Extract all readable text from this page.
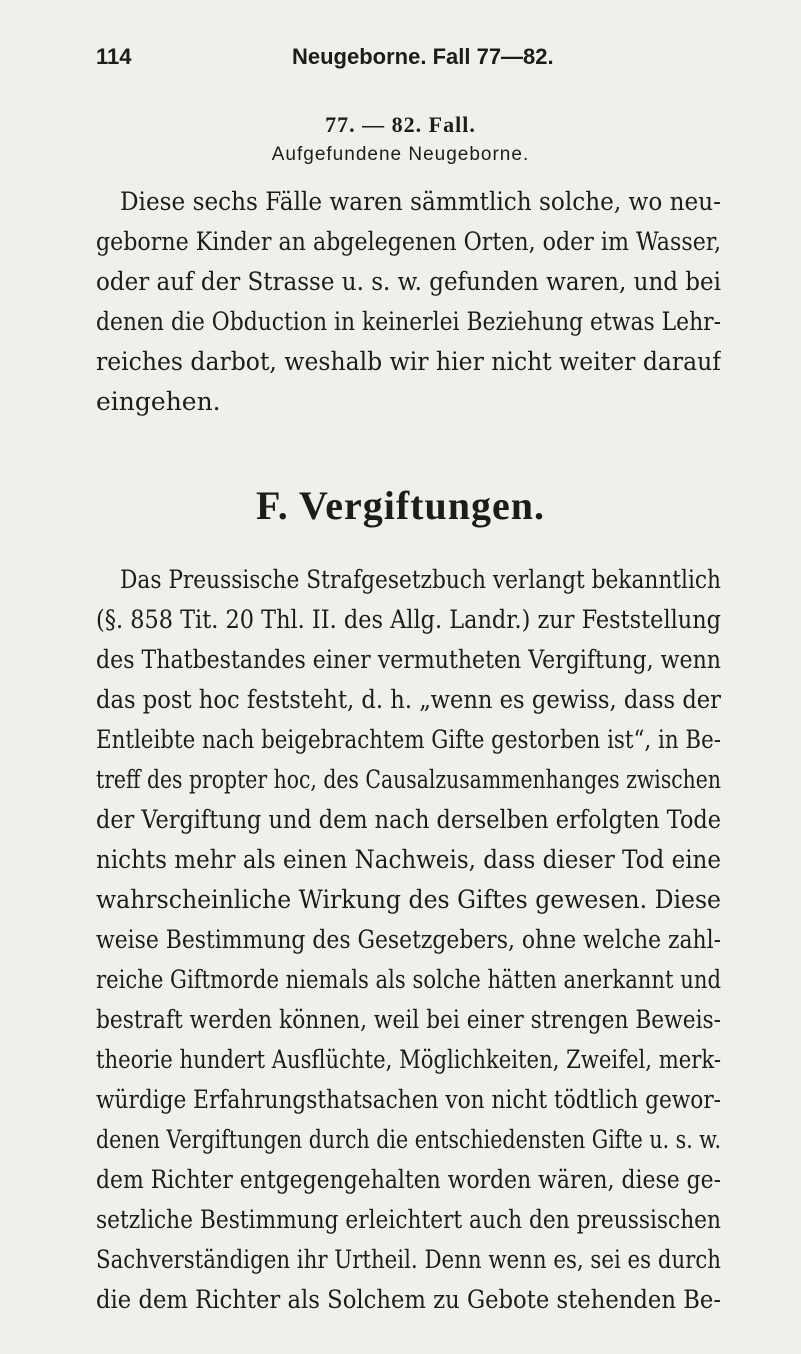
114	Neugeborne. Fall 77—82.
77. — 82. Fall.
Aufgefundene Neugeborne.
Diese sechs Fälle waren sämmtlich solche, wo neu-
geborne Kinder an abgelegenen Orten, oder im Wasser,
oder auf der Strasse u. s. w. gefunden waren, und bei
denen die Obduction in keinerlei Beziehung etwas Lehr-
reiches darbot, weshalb wir hier nicht weiter darauf
eingehen.
F. Vergiftungen.
Das Preussische Strafgesetzbuch verlangt bekanntlich
(§. 858 Tit. 20 Thl. II. des Allg. Landr.) zur Feststellung
des Thatbestandes einer vermutheten Vergiftung, wenn
das post hoc feststeht, d. h. „wenn es gewiss, dass der
Entleibte nach beigebrachtem Gifte gestorben ist“, in Be-
treff des propter hoc, des Causalzusammenhanges zwischen
der Vergiftung und dem nach derselben erfolgten Tode
nichts mehr als einen Nachweis, dass dieser Tod eine
wahrscheinliche Wirkung des Giftes gewesen. Diese
weise Bestimmung des Gesetzgebers, ohne welche zahl-
reiche Giftmorde niemals als solche hätten anerkannt und
bestraft werden können, weil bei einer strengen Beweis-
theorie hundert Ausflüchte, Möglichkeiten, Zweifel, merk-
würdige Erfahrungsthatsachen von nicht tödtlich gewor-
denen Vergiftungen durch die entschiedensten Gifte u. s. w.
dem Richter entgegengehalten worden wären, diese ge-
setzliche Bestimmung erleichtert auch den preussischen
Sachverständigen ihr Urtheil. Denn wenn es, sei es durch
die dem Richter als Solchem zu Gebote stehenden Be-
